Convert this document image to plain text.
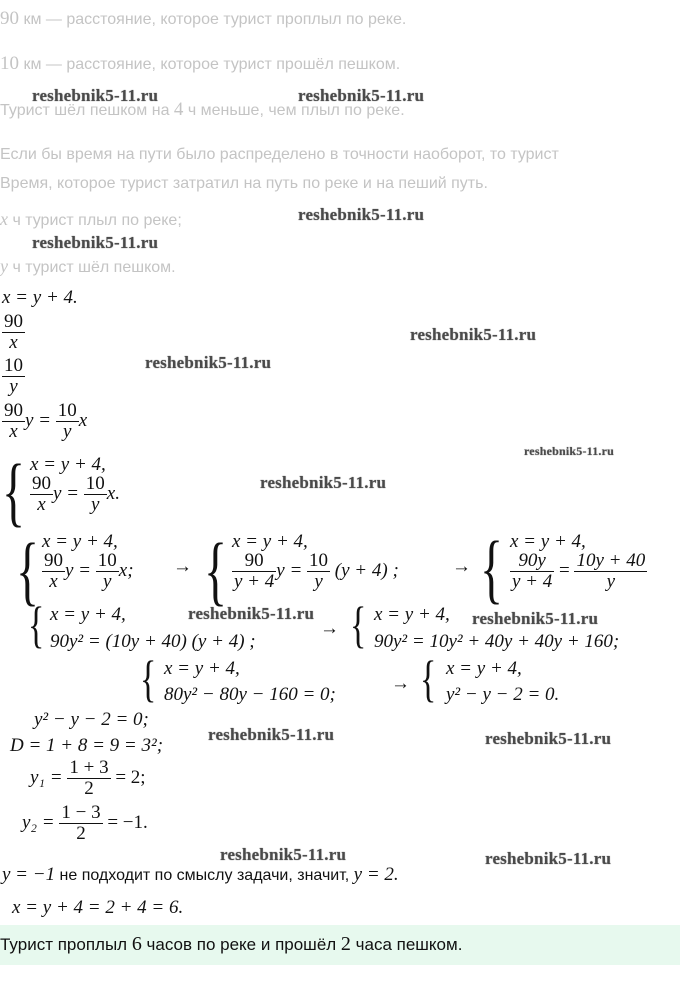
90 км — расстояние, которое турист проплыл по реке.
10 км — расстояние, которое турист прошёл пешком.
Турист шёл пешком на 4 ч меньше, чем плыл по реке.
Если бы время на пути было распределено в точности наоборот, то турист
Время, которое турист затратил на путь по реке и на пеший путь.
x ч турист плыл по реке;
y ч турист шёл пешком.
reshebnik5-11.ru	reshebnik5-11.ru
reshebnik5-11.ru
reshebnik5-11.ru
reshebnik5-11.ru
reshebnik5-11.ru
reshebnik5-11.ru
reshebnik5-11.ru
reshebnik5-11.ru	reshebnik5-11.ru
reshebnik5-11.ru	reshebnik5-11.ru
reshebnik5-11.ru	reshebnik5-11.ru
x = y + 4.
$\frac{90}{x}$
$\frac{10}{y}$
$\frac{90}{x}$ $y = \frac{10}{y}$ x
{ x = y + 4,
$\frac{90}{x}$ $y = \frac{10}{y} x$.
{ x = y + 4,
$\frac{90}{x}$ $y = \frac{10}{y} x$; → { x = y + 4,
$\frac{90}{y + 4}$ $y = \frac{10}{y} (y + 4)$ ;	→ { x = y + 4,
$\frac{90y}{y + 4} = \frac{10y + 40}{y}$
{ x = y + 4,
90y² = (10y + 40) (y + 4) ;
→ { x = y + 4,
90y² = 10y² + 40y + 40y + 160;
{ x = y + 4,
80y² − 80y − 160 = 0;
→ { x = y + 4,
y² − y − 2 = 0.
y² − y − 2 = 0;
D = 1 + 8 = 9 = 3²;
$y_1 = \frac{1 + 3}{2} = 2$;
$y_2 = \frac{1 - 3}{2} = -1$.
y = −1 не подходит по смыслу задачи, значит, y = 2.
x = y + 4 = 2 + 4 = 6.
Турист проплыл 6 часов по реке и прошёл 2 часа пешком.
